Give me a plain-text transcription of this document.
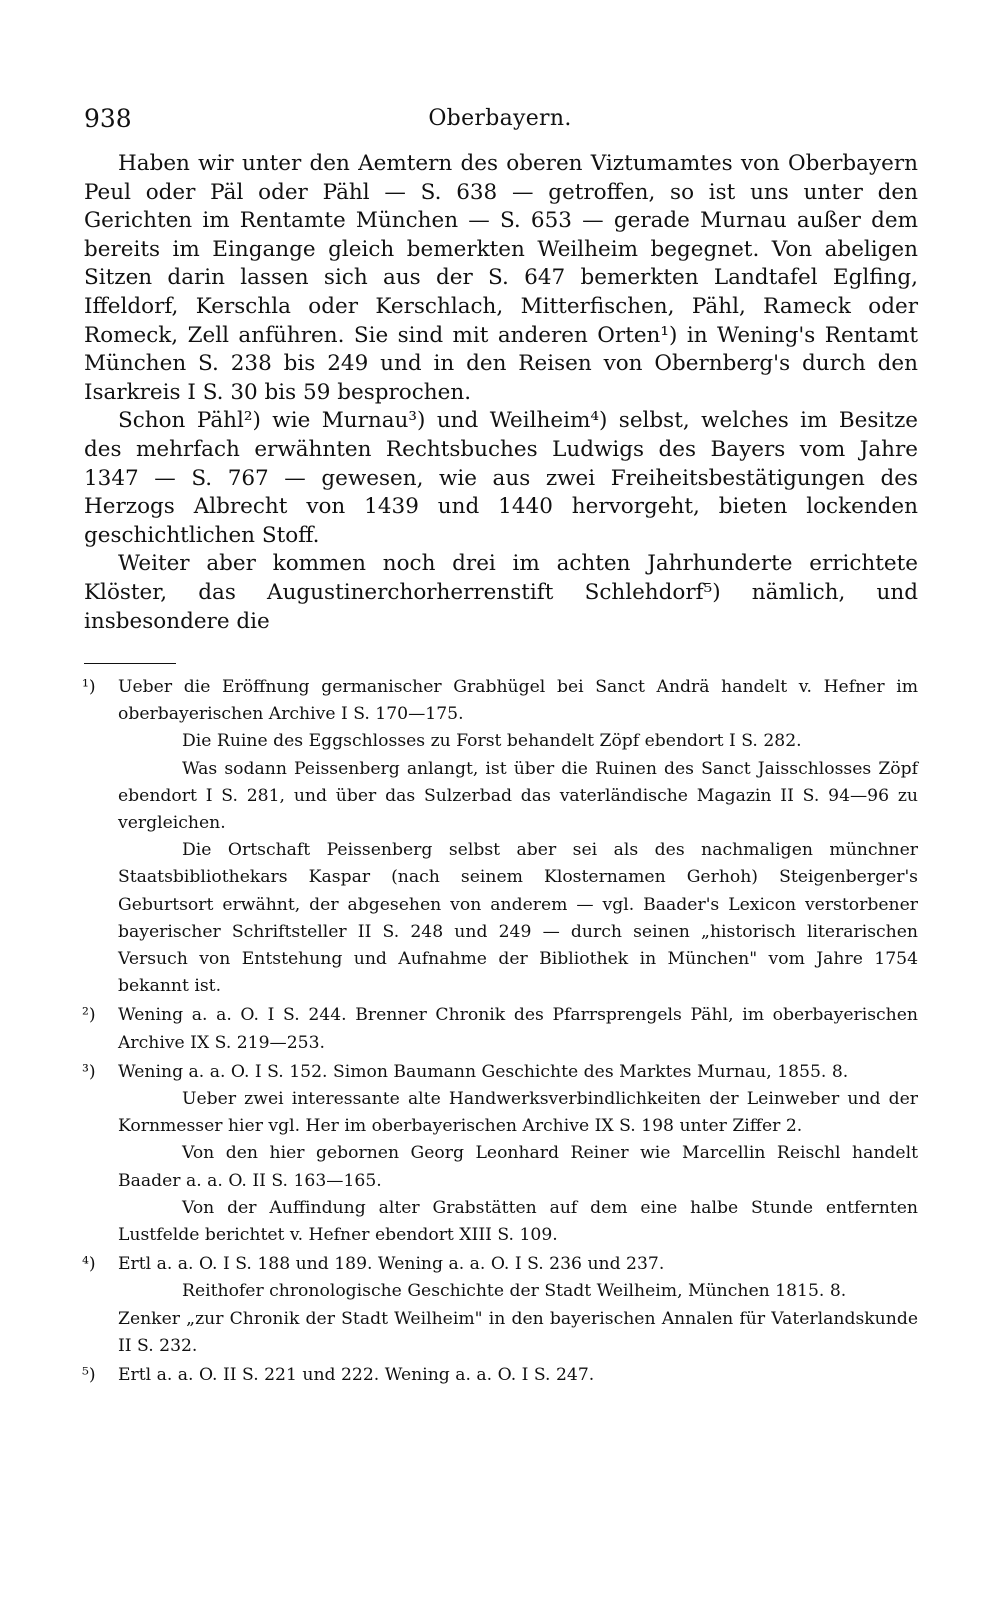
938	Oberbayern.

Haben wir unter den Aemtern des oberen Viztumamtes von Oberbayern Peul oder Päl oder Pähl — S. 638 — getroffen, so ist uns unter den Gerichten im Rentamte München — S. 653 — gerade Murnau außer dem bereits im Eingange gleich bemerkten Weilheim begegnet. Von abeligen Sitzen darin lassen sich aus der S. 647 bemerkten Landtafel Eglfing, Iffeldorf, Kerschla oder Kerschlach, Mitterfischen, Pähl, Rameck oder Romeck, Zell anführen. Sie sind mit anderen Orten¹) in Wening's Rentamt München S. 238 bis 249 und in den Reisen von Obernberg's durch den Isarkreis I S. 30 bis 59 besprochen.

Schon Pähl²) wie Murnau³) und Weilheim⁴) selbst, welches im Besitze des mehrfach erwähnten Rechtsbuches Ludwigs des Bayers vom Jahre 1347 — S. 767 — gewesen, wie aus zwei Freiheitsbestätigungen des Herzogs Albrecht von 1439 und 1440 hervorgeht, bieten lockenden geschichtlichen Stoff.

Weiter aber kommen noch drei im achten Jahrhunderte errichtete Klöster, das Augustinerchorherrenstift Schlehdorf⁵) nämlich, und insbesondere die

¹) Ueber die Eröffnung germanischer Grabhügel bei Sanct Andrä handelt v. Hefner im oberbayerischen Archive I S. 170—175.

Die Ruine des Eggschlosses zu Forst behandelt Zöpf ebendort I S. 282.

Was sodann Peissenberg anlangt, ist über die Ruinen des Sanct Jaisschlosses Zöpf ebendort I S. 281, und über das Sulzerbad das vaterländische Magazin II S. 94—96 zu vergleichen.

Die Ortschaft Peissenberg selbst aber sei als des nachmaligen münchner Staatsbibliothekars Kaspar (nach seinem Klosternamen Gerhoh) Steigenberger's Geburtsort erwähnt, der abgesehen von anderem — vgl. Baader's Lexicon verstorbener bayerischer Schriftsteller II S. 248 und 249 — durch seinen „historisch literarischen Versuch von Entstehung und Aufnahme der Bibliothek in München" vom Jahre 1754 bekannt ist.

²) Wening a. a. O. I S. 244. Brenner Chronik des Pfarrsprengels Pähl, im oberbayerischen Archive IX S. 219—253.

³) Wening a. a. O. I S. 152. Simon Baumann Geschichte des Marktes Murnau, 1855. 8.

Ueber zwei interessante alte Handwerksverbindlichkeiten der Leinweber und der Kornmesser hier vgl. Her im oberbayerischen Archive IX S. 198 unter Ziffer 2.

Von den hier gebornen Georg Leonhard Reiner wie Marcellin Reischl handelt Baader a. a. O. II S. 163—165.

Von der Auffindung alter Grabstätten auf dem eine halbe Stunde entfernten Lustfelde berichtet v. Hefner ebendort XIII S. 109.

⁴) Ertl a. a. O. I S. 188 und 189. Wening a. a. O. I S. 236 und 237.

Reithofer chronologische Geschichte der Stadt Weilheim, München 1815. 8.

Zenker „zur Chronik der Stadt Weilheim" in den bayerischen Annalen für Vaterlandskunde II S. 232.

⁵) Ertl a. a. O. II S. 221 und 222. Wening a. a. O. I S. 247.
